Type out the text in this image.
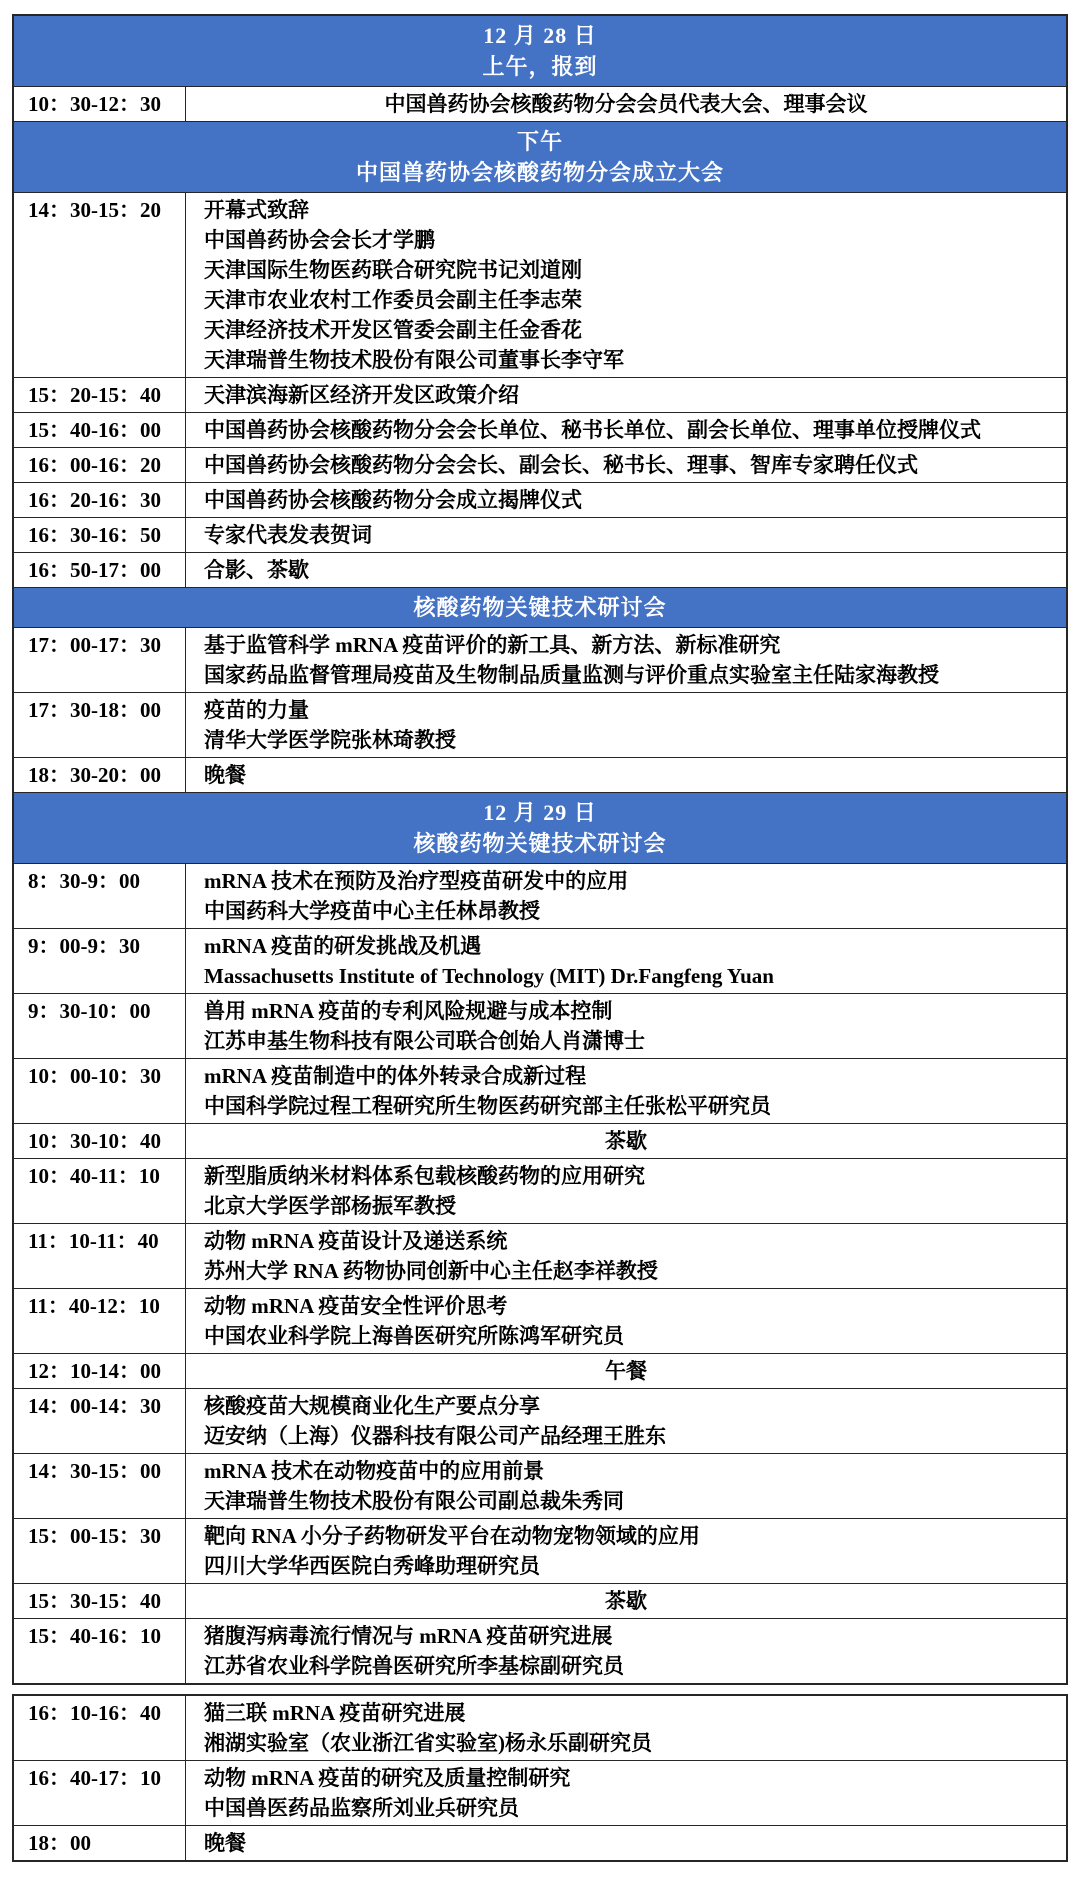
12 月 28 日
上午，报到
10：30-12：30	中国兽药协会核酸药物分会会员代表大会、理事会议
下午
中国兽药协会核酸药物分会成立大会
14：30-15：20	开幕式致辞
中国兽药协会会长才学鹏
天津国际生物医药联合研究院书记刘道刚
天津市农业农村工作委员会副主任李志荣
天津经济技术开发区管委会副主任金香花
天津瑞普生物技术股份有限公司董事长李守军
15：20-15：40	天津滨海新区经济开发区政策介绍
15：40-16：00	中国兽药协会核酸药物分会会长单位、秘书长单位、副会长单位、理事单位授牌仪式
16：00-16：20	中国兽药协会核酸药物分会会长、副会长、秘书长、理事、智库专家聘任仪式
16：20-16：30	中国兽药协会核酸药物分会成立揭牌仪式
16：30-16：50	专家代表发表贺词
16：50-17：00	合影、茶歇
核酸药物关键技术研讨会
17：00-17：30	基于监管科学 mRNA 疫苗评价的新工具、新方法、新标准研究
国家药品监督管理局疫苗及生物制品质量监测与评价重点实验室主任陆家海教授
17：30-18：00	疫苗的力量
清华大学医学院张林琦教授
18：30-20：00	晚餐
12 月 29 日
核酸药物关键技术研讨会
8：30-9：00	mRNA 技术在预防及治疗型疫苗研发中的应用
中国药科大学疫苗中心主任林昂教授
9：00-9：30	mRNA 疫苗的研发挑战及机遇
Massachusetts Institute of Technology (MIT) Dr.Fangfeng Yuan
9：30-10：00	兽用 mRNA 疫苗的专利风险规避与成本控制
江苏申基生物科技有限公司联合创始人肖潇博士
10：00-10：30	mRNA 疫苗制造中的体外转录合成新过程
中国科学院过程工程研究所生物医药研究部主任张松平研究员
10：30-10：40	茶歇
10：40-11：10	新型脂质纳米材料体系包载核酸药物的应用研究
北京大学医学部杨振军教授
11：10-11：40	动物 mRNA 疫苗设计及递送系统
苏州大学 RNA 药物协同创新中心主任赵李祥教授
11：40-12：10	动物 mRNA 疫苗安全性评价思考
中国农业科学院上海兽医研究所陈鸿军研究员
12：10-14：00	午餐
14：00-14：30	核酸疫苗大规模商业化生产要点分享
迈安纳（上海）仪器科技有限公司产品经理王胜东
14：30-15：00	mRNA 技术在动物疫苗中的应用前景
天津瑞普生物技术股份有限公司副总裁朱秀同
15：00-15：30	靶向 RNA 小分子药物研发平台在动物宠物领域的应用
四川大学华西医院白秀峰助理研究员
15：30-15：40	茶歇
15：40-16：10	猪腹泻病毒流行情况与 mRNA 疫苗研究进展
江苏省农业科学院兽医研究所李基棕副研究员
16：10-16：40	猫三联 mRNA 疫苗研究进展
湘湖实验室（农业浙江省实验室)杨永乐副研究员
16：40-17：10	动物 mRNA 疫苗的研究及质量控制研究
中国兽医药品监察所刘业兵研究员
18：00	晚餐
